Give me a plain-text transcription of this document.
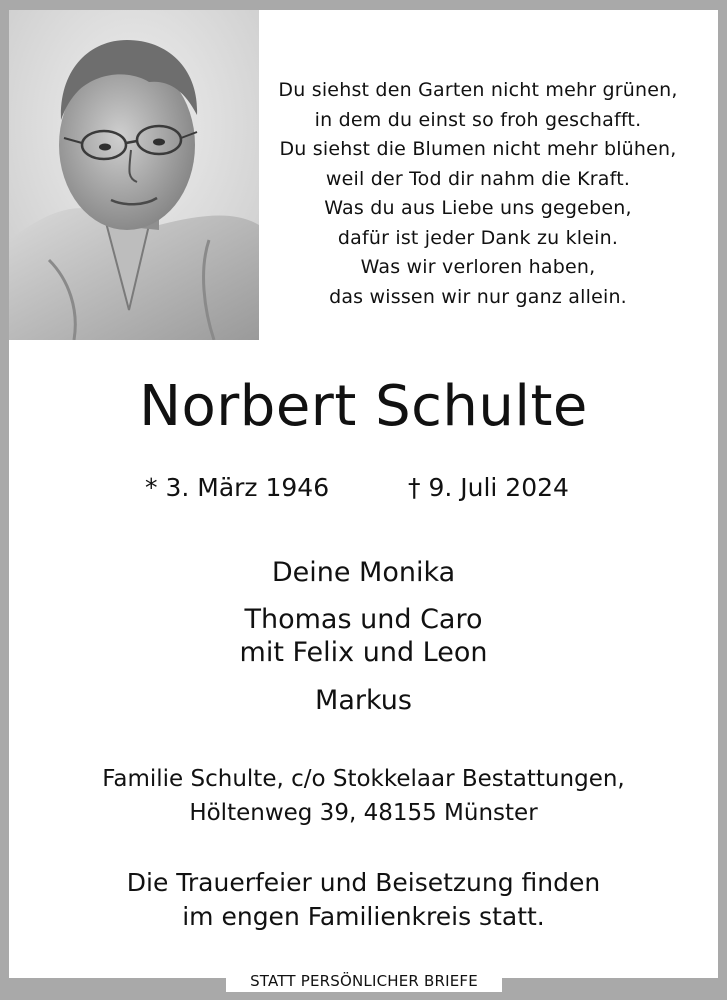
Du siehst den Garten nicht mehr grünen,
in dem du einst so froh geschafft.
Du siehst die Blumen nicht mehr blühen,
weil der Tod dir nahm die Kraft.
Was du aus Liebe uns gegeben,
dafür ist jeder Dank zu klein.
Was wir verloren haben,
das wissen wir nur ganz allein.
Norbert Schulte
* 3. März 1946	† 9. Juli 2024
Deine Monika
Thomas und Caro
mit Felix und Leon
Markus
Familie Schulte, c/o Stokkelaar Bestattungen,
Höltenweg 39, 48155 Münster
Die Trauerfeier und Beisetzung finden
im engen Familienkreis statt.
STATT PERSÖNLICHER BRIEFE
